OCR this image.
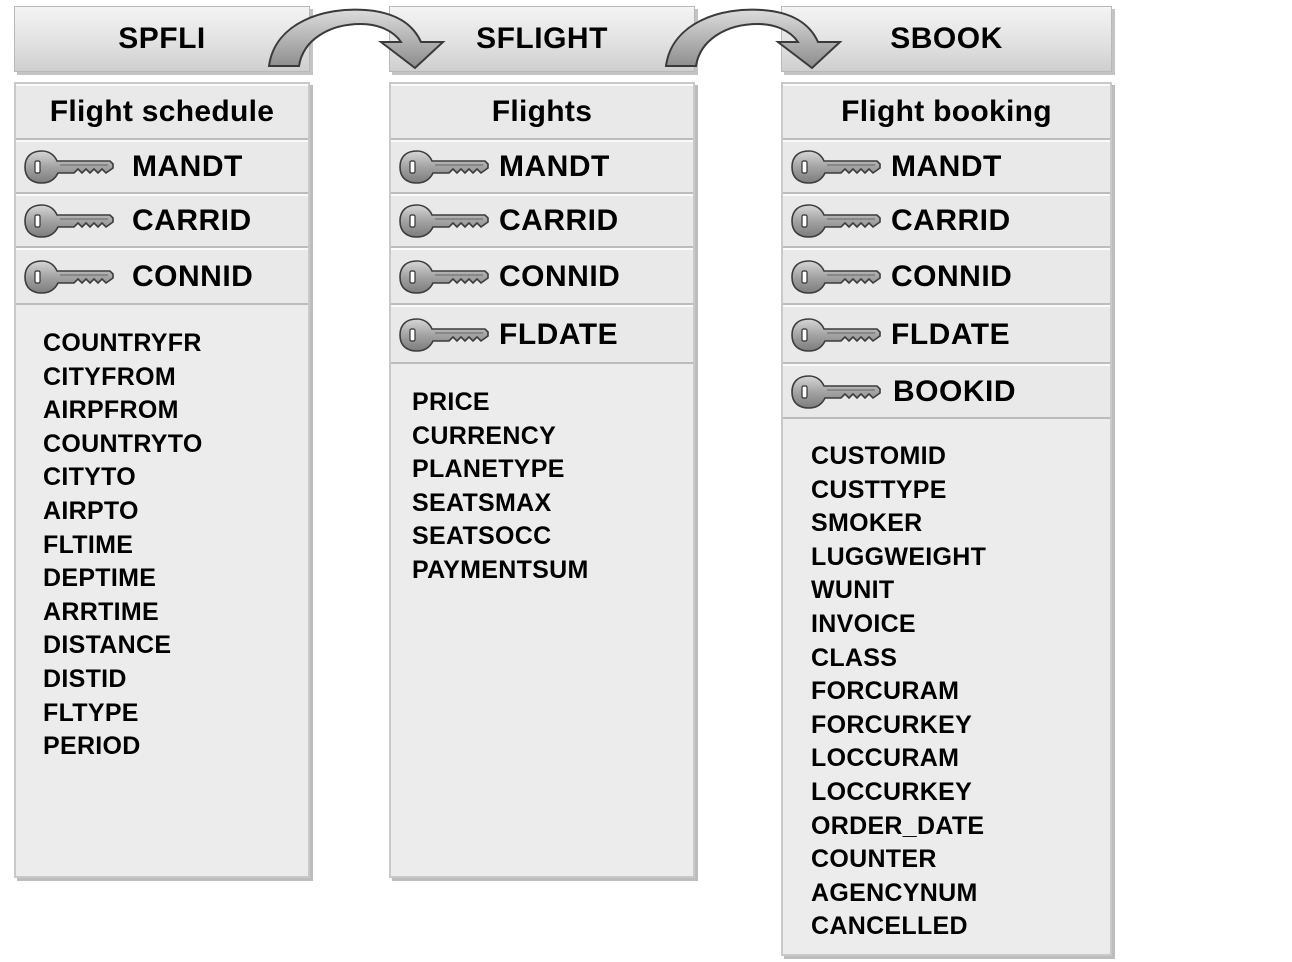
SPFLI	SFLIGHT	SBOOK
Flight schedule
MANDT
CARRID
CONNID
COUNTRYFR
CITYFROM
AIRPFROM
COUNTRYTO
CITYTO
AIRPTO
FLTIME
DEPTIME
ARRTIME
DISTANCE
DISTID
FLTYPE
PERIOD
Flights
MANDT
CARRID
CONNID
FLDATE
PRICE
CURRENCY
PLANETYPE
SEATSMAX
SEATSOCC
PAYMENTSUM
Flight booking
MANDT
CARRID
CONNID
FLDATE
BOOKID
CUSTOMID
CUSTTYPE
SMOKER
LUGGWEIGHT
WUNIT
INVOICE
CLASS
FORCURAM
FORCURKEY
LOCCURAM
LOCCURKEY
ORDER_DATE
COUNTER
AGENCYNUM
CANCELLED
